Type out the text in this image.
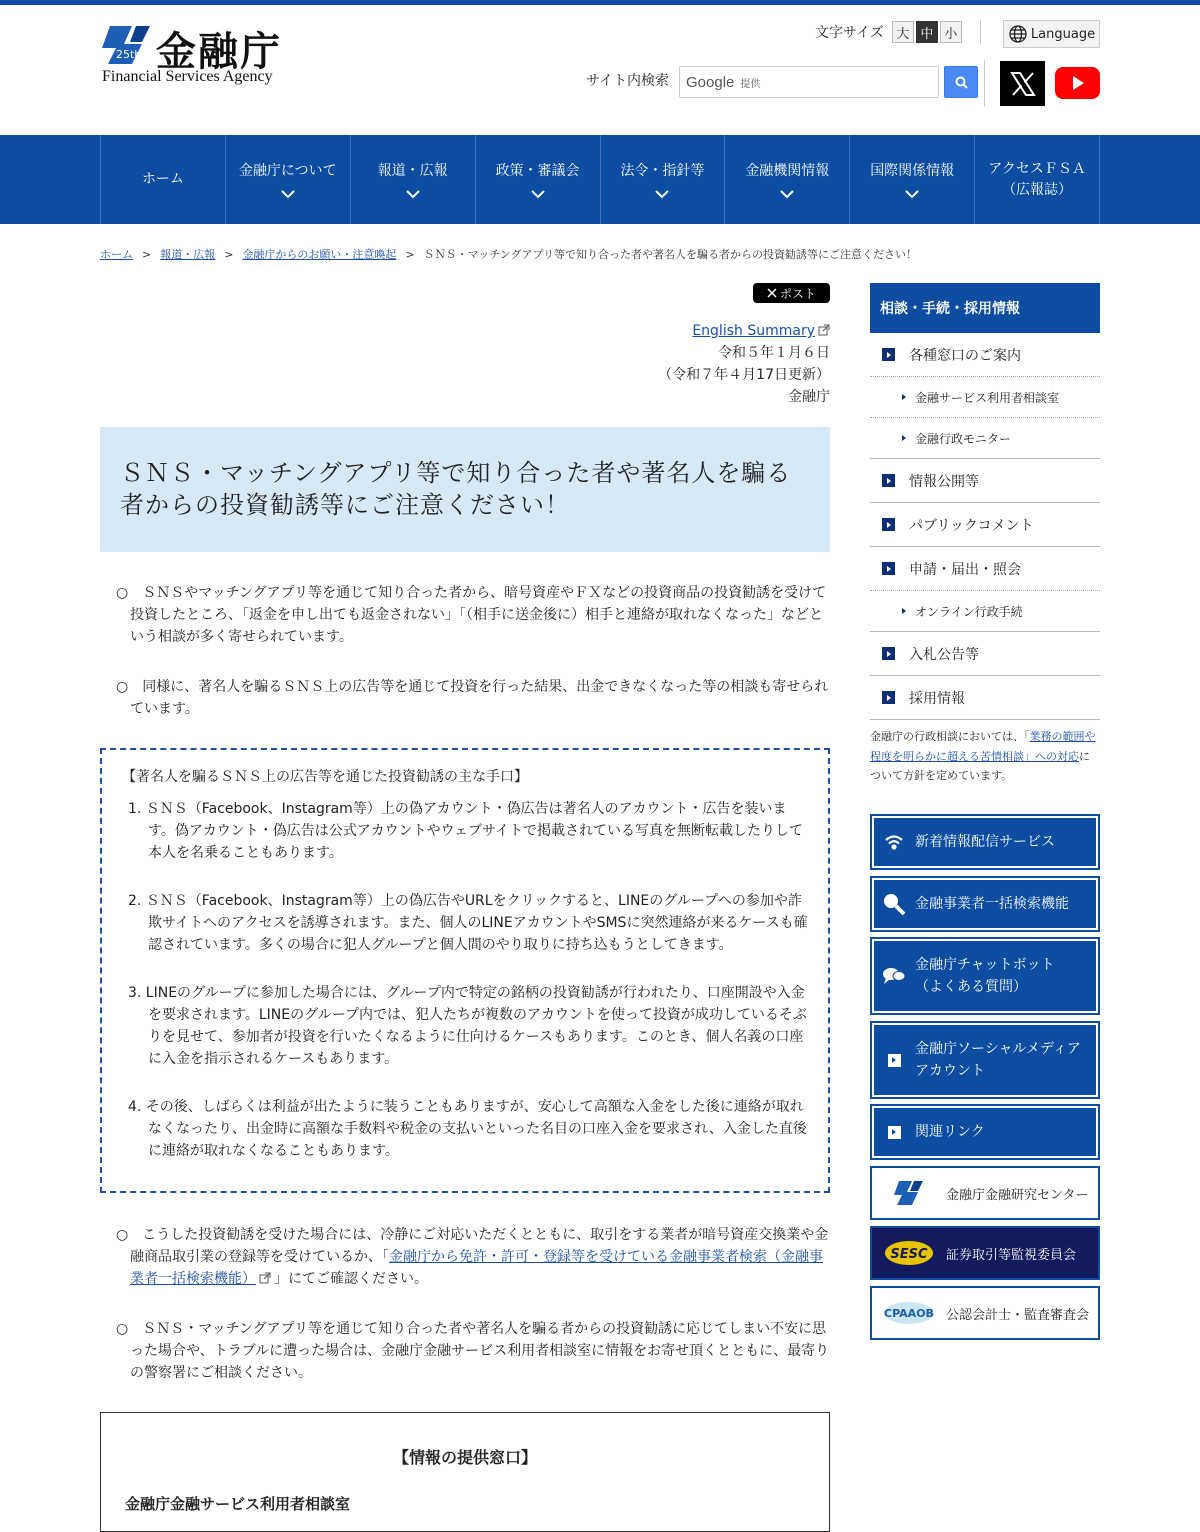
25th 金融庁
Financial Services Agency
文字サイズ 大 中 小	Language
サイト内検索 Google 提供
ホーム
金融庁について	報道・広報	政策・審議会	法令・指針等	金融機関情報	国際関係情報 アクセスＦＳＡ
（広報誌）
ホーム > 報道・広報 > 金融庁からのお願い・注意喚起 > ＳＮＳ・マッチングアプリ等で知り合った者や著名人を騙る者からの投資勧誘等にご注意ください！
ポスト
English Summary
令和５年１月６日
（令和７年４月17日更新）
金融庁
ＳＮＳ・マッチングアプリ等で知り合った者や著名人を騙る者からの投資勧誘等にご注意ください！

○　ＳＮＳやマッチングアプリ等を通じて知り合った者から、暗号資産やＦＸなどの投資商品の投資勧誘を受けて投資したところ、「返金を申し出ても返金されない」「（相手に送金後に）相手と連絡が取れなくなった」などという相談が多く寄せられています。

○　同様に、著名人を騙るＳＮＳ上の広告等を通じて投資を行った結果、出金できなくなった等の相談も寄せられています。

【著名人を騙るＳＮＳ上の広告等を通じた投資勧誘の主な手口】
1. ＳＮＳ（Facebook、Instagram等）上の偽アカウント・偽広告は著名人のアカウント・広告を装います。偽アカウント・偽広告は公式アカウントやウェブサイトで掲載されている写真を無断転載したりして本人を名乗ることもあります。
2. ＳＮＳ（Facebook、Instagram等）上の偽広告やURLをクリックすると、LINEのグループへの参加や詐欺サイトへのアクセスを誘導されます。また、個人のLINEアカウントやSMSに突然連絡が来るケースも確認されています。多くの場合に犯人グループと個人間のやり取りに持ち込もうとしてきます。
3. LINEのグループに参加した場合には、グループ内で特定の銘柄の投資勧誘が行われたり、口座開設や入金を要求されます。LINEのグループ内では、犯人たちが複数のアカウントを使って投資が成功しているそぶりを見せて、参加者が投資を行いたくなるように仕向けるケースもあります。このとき、個人名義の口座に入金を指示されるケースもあります。
4. その後、しばらくは利益が出たように装うこともありますが、安心して高額な入金をした後に連絡が取れなくなったり、出金時に高額な手数料や税金の支払いといった名目の口座入金を要求され、入金した直後に連絡が取れなくなることもあります。

○　こうした投資勧誘を受けた場合には、冷静にご対応いただくとともに、取引をする業者が暗号資産交換業や金融商品取引業の登録等を受けているか、「金融庁から免許・許可・登録等を受けている金融事業者検索（金融事業者一括検索機能） 」にてご確認ください。

○　ＳＮＳ・マッチングアプリ等を通じて知り合った者や著名人を騙る者からの投資勧誘に応じてしまい不安に思った場合や、トラブルに遭った場合は、金融庁金融サービス利用者相談室に情報をお寄せ頂くとともに、最寄りの警察署にご相談ください。

【情報の提供窓口】
金融庁金融サービス利用者相談室
相談・手続・採用情報
各種窓口のご案内
金融サービス利用者相談室
金融行政モニター
情報公開等
パブリックコメント
申請・届出・照会
オンライン行政手続
入札公告等
採用情報
金融庁の行政相談においては、「業務の範囲や程度を明らかに超える苦情相談」への対応について方針を定めています。
新着情報配信サービス
金融事業者一括検索機能
金融庁チャットボット
（よくある質問）
金融庁ソーシャルメディア
アカウント
関連リンク
金融庁金融研究センター
SESC 証券取引等監視委員会
CPAAOB 公認会計士・監査審査会
